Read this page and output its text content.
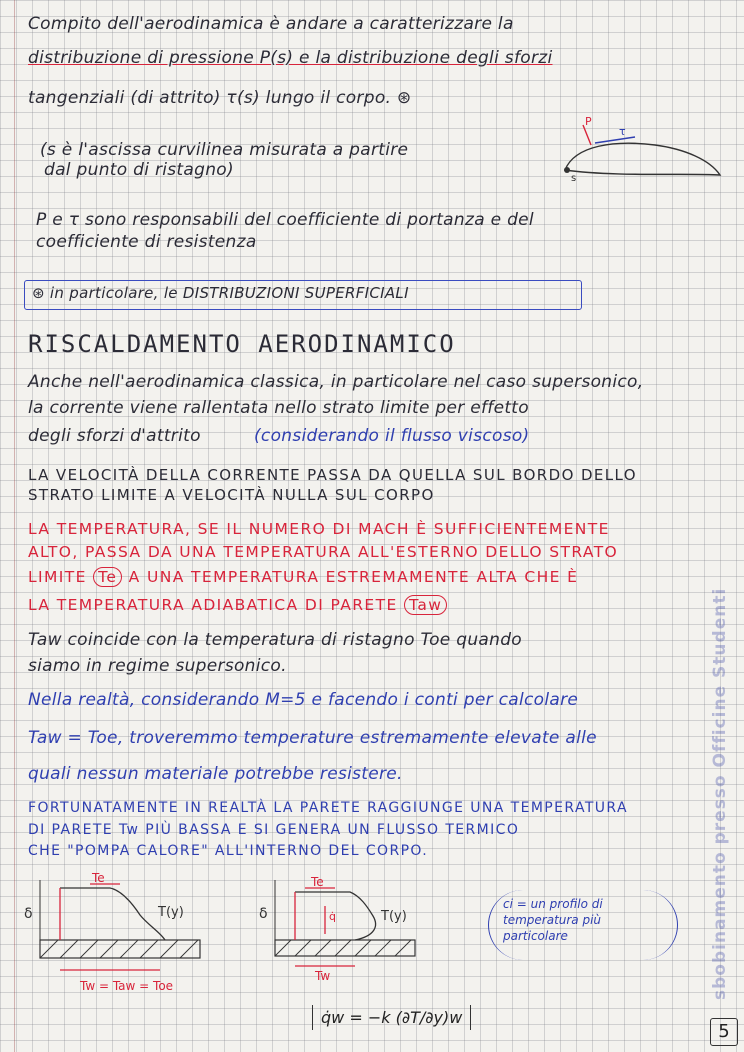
Compito dell'aerodinamica è andare a caratterizzare la
distribuzione di pressione P(s) e la distribuzione degli sforzi
tangenziali (di attrito) τ(s) lungo il corpo. ⊛
(s è l'ascissa curvilinea misurata a partire
dal punto di ristagno)
P e τ sono responsabili del coefficiente di portanza e del
coefficiente di resistenza
⊛ in particolare, le DISTRIBUZIONI SUPERFICIALI
RISCALDAMENTO AERODINAMICO
Anche nell'aerodinamica classica, in particolare nel caso supersonico,
la corrente viene rallentata nello strato limite per effetto
degli sforzi d'attrito	(considerando il flusso viscoso)
LA VELOCITÀ DELLA CORRENTE PASSA DA QUELLA SUL BORDO DELLO
STRATO LIMITE A VELOCITÀ NULLA SUL CORPO
LA TEMPERATURA, SE IL NUMERO DI MACH È SUFFICIENTEMENTE
ALTO, PASSA DA UNA TEMPERATURA ALL'ESTERNO DELLO STRATO
LIMITE Te A UNA TEMPERATURA ESTREMAMENTE ALTA CHE È
LA TEMPERATURA ADIABATICA DI PARETE Taw
Taw coincide con la temperatura di ristagno Toe quando
siamo in regime supersonico.
Nella realtà, considerando M=5 e facendo i conti per calcolare
Taw = Toe, troveremmo temperature estremamente elevate alle
quali nessun materiale potrebbe resistere.
FORTUNATAMENTE IN REALTÀ LA PARETE RAGGIUNGE UNA TEMPERATURA
DI PARETE Tw PIÙ BASSA E SI GENERA UN FLUSSO TERMICO
CHE "POMPA CALORE" ALL'INTERNO DEL CORPO.
P
τ
s
δ
Te
T(y)
Tw = Taw = Toe
δ
Te
q̇	T(y)
Tw
ci = un profilo di temperatura più particolare
q̇w = −k (∂T/∂y)w
sbobinamento presso Officine Studenti
5
